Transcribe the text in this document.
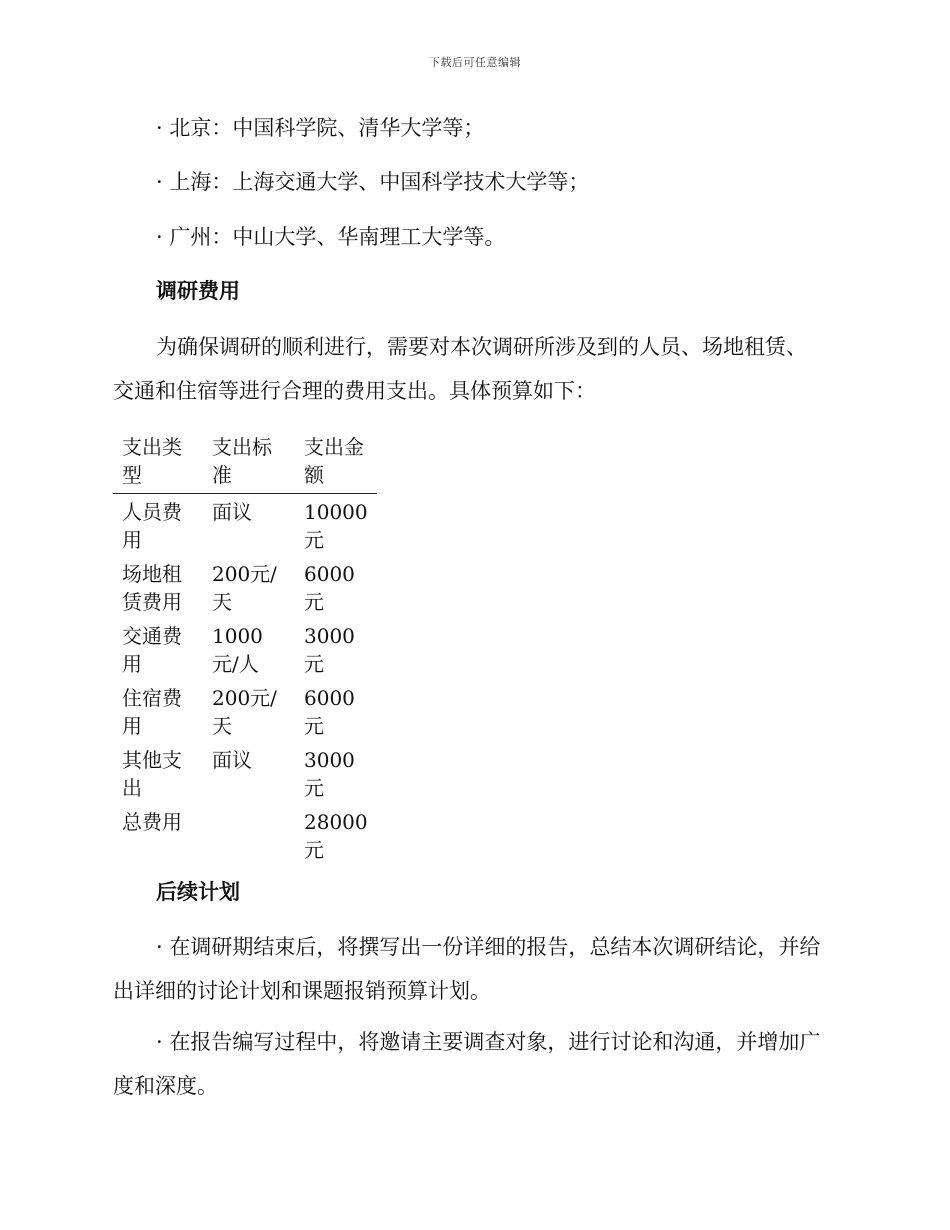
下载后可任意编辑

· 北京：中国科学院、清华大学等；

· 上海：上海交通大学、中国科学技术大学等；

· 广州：中山大学、华南理工大学等。

调研费用

为确保调研的顺利进行，需要对本次调研所涉及到的人员、场地租赁、交通和住宿等进行合理的费用支出。具体预算如下：

支出类型	支出标准	支出金额
人员费用	面议	10000元
场地租赁费用	200元/天	6000元
交通费用	1000元/人	3000元
住宿费用	200元/天	6000元
其他支出	面议	3000元
总费用		28000元

后续计划

· 在调研期结束后，将撰写出一份详细的报告，总结本次调研结论，并给出详细的讨论计划和课题报销预算计划。

· 在报告编写过程中，将邀请主要调查对象，进行讨论和沟通，并增加广度和深度。
